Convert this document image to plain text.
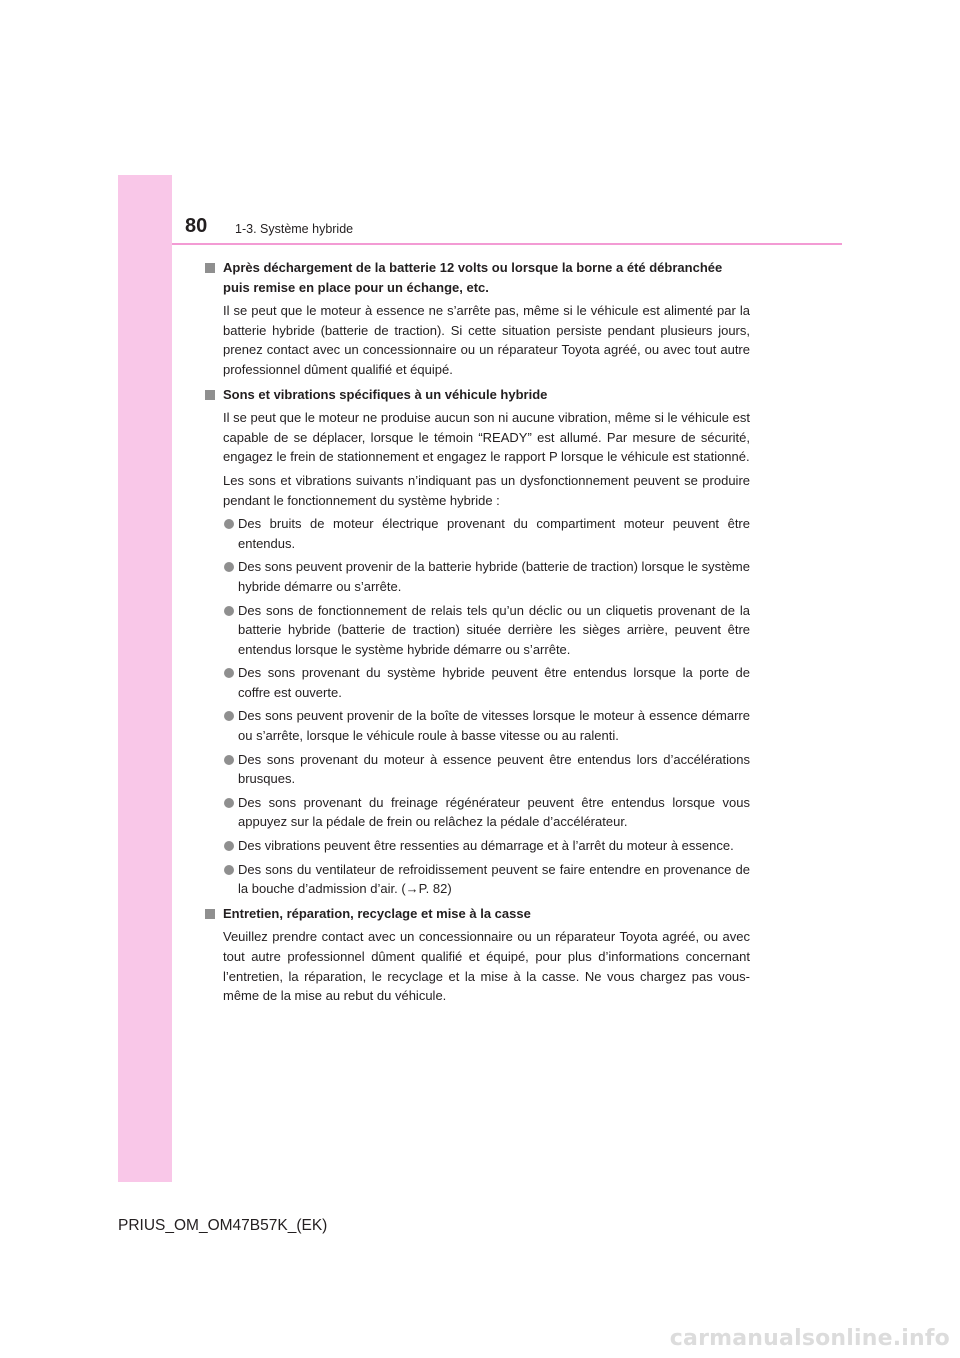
80 1-3. Système hybride
Après déchargement de la batterie 12 volts ou lorsque la borne a été débranchée puis remise en place pour un échange, etc.
Il se peut que le moteur à essence ne s’arrête pas, même si le véhicule est alimenté par la batterie hybride (batterie de traction). Si cette situation persiste pendant plusieurs jours, prenez contact avec un concessionnaire ou un réparateur Toyota agréé, ou avec tout autre professionnel dûment qualifié et équipé.
Sons et vibrations spécifiques à un véhicule hybride
Il se peut que le moteur ne produise aucun son ni aucune vibration, même si le véhicule est capable de se déplacer, lorsque le témoin “READY” est allumé. Par mesure de sécurité, engagez le frein de stationnement et engagez le rapport P lorsque le véhicule est stationné.
Les sons et vibrations suivants n’indiquant pas un dysfonctionnement peuvent se produire pendant le fonctionnement du système hybride :
Des bruits de moteur électrique provenant du compartiment moteur peuvent être entendus.
Des sons peuvent provenir de la batterie hybride (batterie de traction) lorsque le système hybride démarre ou s’arrête.
Des sons de fonctionnement de relais tels qu’un déclic ou un cliquetis provenant de la batterie hybride (batterie de traction) située derrière les sièges arrière, peuvent être entendus lorsque le système hybride démarre ou s’arrête.
Des sons provenant du système hybride peuvent être entendus lorsque la porte de coffre est ouverte.
Des sons peuvent provenir de la boîte de vitesses lorsque le moteur à essence démarre ou s’arrête, lorsque le véhicule roule à basse vitesse ou au ralenti.
Des sons provenant du moteur à essence peuvent être entendus lors d’accélérations brusques.
Des sons provenant du freinage régénérateur peuvent être entendus lorsque vous appuyez sur la pédale de frein ou relâchez la pédale d’accélérateur.
Des vibrations peuvent être ressenties au démarrage et à l’arrêt du moteur à essence.
Des sons du ventilateur de refroidissement peuvent se faire entendre en provenance de la bouche d’admission d’air. (→P. 82)
Entretien, réparation, recyclage et mise à la casse
Veuillez prendre contact avec un concessionnaire ou un réparateur Toyota agréé, ou avec tout autre professionnel dûment qualifié et équipé, pour plus d’informations concernant l’entretien, la réparation, le recyclage et la mise à la casse. Ne vous chargez pas vous-même de la mise au rebut du véhicule.
PRIUS_OM_OM47B57K_(EK)
carmanualsonline.info
